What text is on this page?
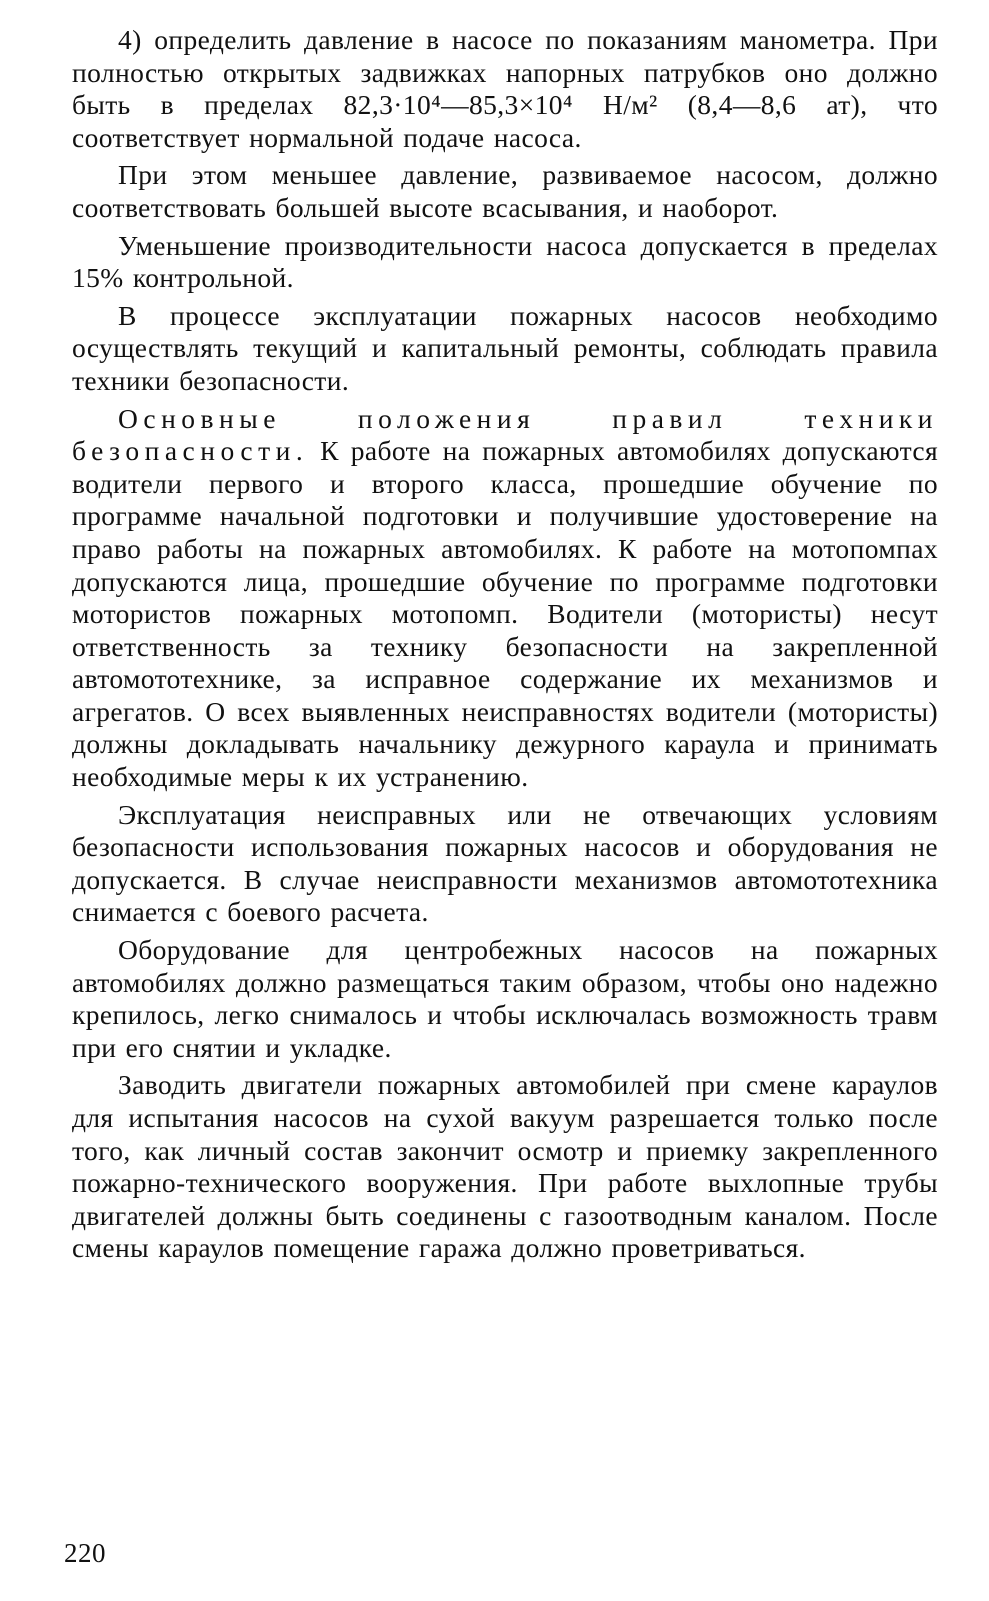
4) определить давление в насосе по показаниям манометра. При полностью открытых задвижках напорных патрубков оно должно быть в пределах 82,3·10⁴—85,3×10⁴ Н/м² (8,4—8,6 ат), что соответствует нормальной подаче насоса.

При этом меньшее давление, развиваемое насосом, должно соответствовать большей высоте всасывания, и наоборот.

Уменьшение производительности насоса допускается в пределах 15% контрольной.

В процессе эксплуатации пожарных насосов необходимо осуществлять текущий и капитальный ремонты, соблюдать правила техники безопасности.

Основные положения правил техники безопасности. К работе на пожарных автомобилях допускаются водители первого и второго класса, прошедшие обучение по программе начальной подготовки и получившие удостоверение на право работы на пожарных автомобилях. К работе на мотопомпах допускаются лица, прошедшие обучение по программе подготовки мотористов пожарных мотопомп. Водители (мотористы) несут ответственность за технику безопасности на закрепленной автомототехнике, за исправное содержание их механизмов и агрегатов. О всех выявленных неисправностях водители (мотористы) должны докладывать начальнику дежурного караула и принимать необходимые меры к их устранению.

Эксплуатация неисправных или не отвечающих условиям безопасности использования пожарных насосов и оборудования не допускается. В случае неисправности механизмов автомототехника снимается с боевого расчета.

Оборудование для центробежных насосов на пожарных автомобилях должно размещаться таким образом, чтобы оно надежно крепилось, легко снималось и чтобы исключалась возможность травм при его снятии и укладке.

Заводить двигатели пожарных автомобилей при смене караулов для испытания насосов на сухой вакуум разрешается только после того, как личный состав закончит осмотр и приемку закрепленного пожарно-технического вооружения. При работе выхлопные трубы двигателей должны быть соединены с газоотводным каналом. После смены караулов помещение гаража должно проветриваться.

220
